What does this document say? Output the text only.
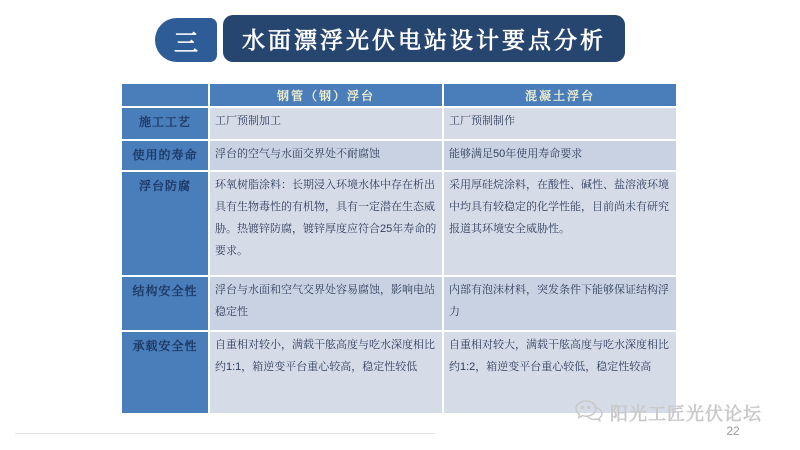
三 水面漂浮光伏电站设计要点分析
	钢管（钢）浮台	混凝土浮台
施工工艺	工厂预制加工	工厂预制制作
使用的寿命	浮台的空气与水面交界处不耐腐蚀	能够满足50年使用寿命要求
浮台防腐	环氧树脂涂料：长期浸入环境水体中存在析出具有生物毒性的有机物，具有一定潜在生态威胁。热镀锌防腐，镀锌厚度应符合25年寿命的要求。	采用厚硅烷涂料，在酸性、碱性、盐溶液环境中均具有较稳定的化学性能，目前尚未有研究报道其环境安全威胁性。
结构安全性	浮台与水面和空气交界处容易腐蚀，影响电站稳定性	内部有泡沫材料，突发条件下能够保证结构浮力
承载安全性	自重相对较小，满载干舷高度与吃水深度相比约1:1，箱逆变平台重心较高，稳定性较低	自重相对较大，满载干舷高度与吃水深度相比约1:2，箱逆变平台重心较低，稳定性较高
阳光工匠光伏论坛
22
